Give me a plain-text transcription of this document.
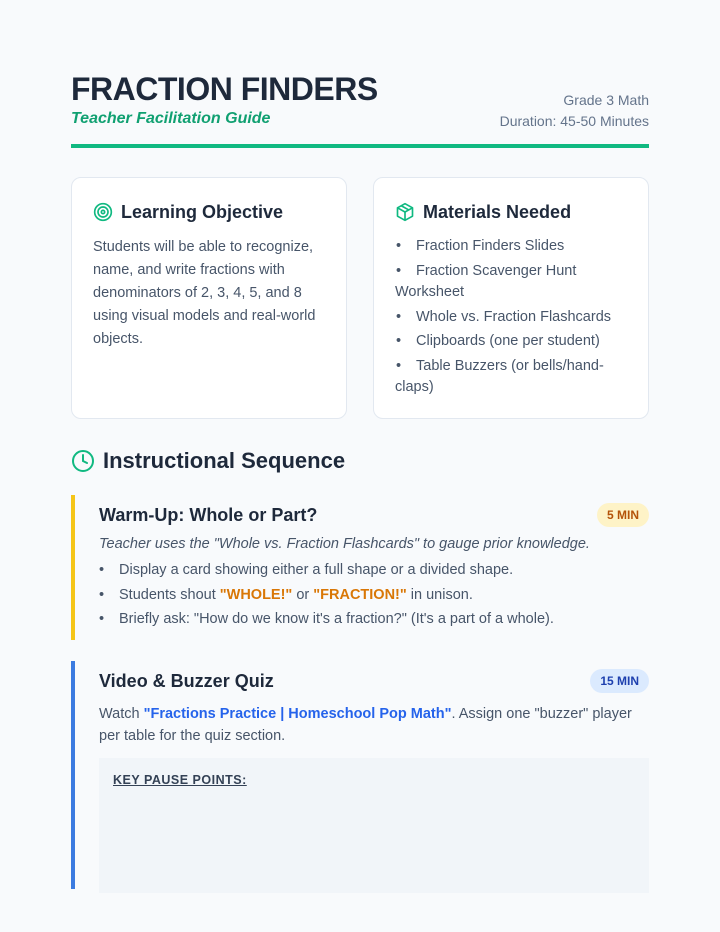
FRACTION FINDERS
Teacher Facilitation Guide
Grade 3 Math
Duration: 45-50 Minutes
Learning Objective

Students will be able to recognize, name, and write fractions with denominators of 2, 3, 4, 5, and 8 using visual models and real-world objects.

Materials Needed
• Fraction Finders Slides
• Fraction Scavenger Hunt Worksheet
• Whole vs. Fraction Flashcards
• Clipboards (one per student)
• Table Buzzers (or bells/hand-claps)
Instructional Sequence
Warm-Up: Whole or Part?	5 MIN

Teacher uses the "Whole vs. Fraction Flashcards" to gauge prior knowledge.

• Display a card showing either a full shape or a divided shape.
• Students shout "WHOLE!" or "FRACTION!" in unison.
• Briefly ask: "How do we know it's a fraction?" (It's a part of a whole).
Video & Buzzer Quiz	15 MIN

Watch "Fractions Practice | Homeschool Pop Math". Assign one "buzzer" player per table for the quiz section.

KEY PAUSE POINTS:
